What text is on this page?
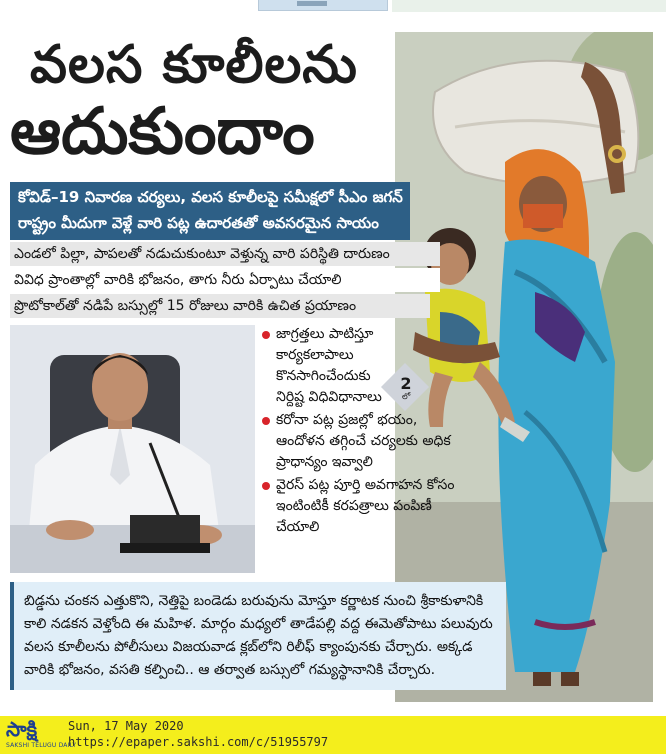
వలస కూలీలను
ఆదుకుందాం
కోవిడ్‌–19 నివారణ చర్యలు, వలస కూలీలపై సమీక్షలో సీఎం జగన్‌
రాష్ట్రం మీదుగా వెళ్లే వారి పట్ల ఉదారతతో అవసరమైన సాయం
ఎండలో పిల్లా, పాపలతో నడుచుకుంటూ వెళ్తున్న వారి పరిస్థితి దారుణం
వివిధ ప్రాంతాల్లో వారికి భోజనం, తాగు నీరు ఏర్పాటు చేయాలి
ప్రొటోకాల్‌తో నడిపే బస్సుల్లో 15 రోజులు వారికి ఉచిత ప్రయాణం
జాగ్రత్తలు పాటిస్తూ కార్యకలాపాలు కొనసాగించేందుకు నిర్దిష్ట విధివిధానాలు
కరోనా పట్ల ప్రజల్లో భయం, ఆందోళన తగ్గించే చర్యలకు అధిక ప్రాధాన్యం ఇవ్వాలి
వైరస్‌ పట్ల పూర్తి అవగాహన కోసం ఇంటింటికీ కరపత్రాలు పంపిణీ చేయాలి
2
లో
బిడ్డను చంకన ఎత్తుకొని, నెత్తిపై బండెడు బరువును మోస్తూ కర్ణాటక నుంచి శ్రీకాకుళానికి
కాలి నడకన వెళ్తోంది ఈ మహిళ. మార్గం మధ్యలో తాడేపల్లి వద్ద ఈమెతోపాటు పలువురు
వలస కూలీలను పోలీసులు విజయవాడ క్లబ్‌లోని రిలీఫ్‌ క్యాంపునకు చేర్చారు. అక్కడ
వారికి భోజనం, వసతి కల్పించి.. ఆ తర్వాత బస్సులో గమ్యస్థానానికి చేర్చారు.
సాక్షి
SAKSHI TELUGU DAILY
Sun, 17 May 2020
https://epaper.sakshi.com/c/51955797
